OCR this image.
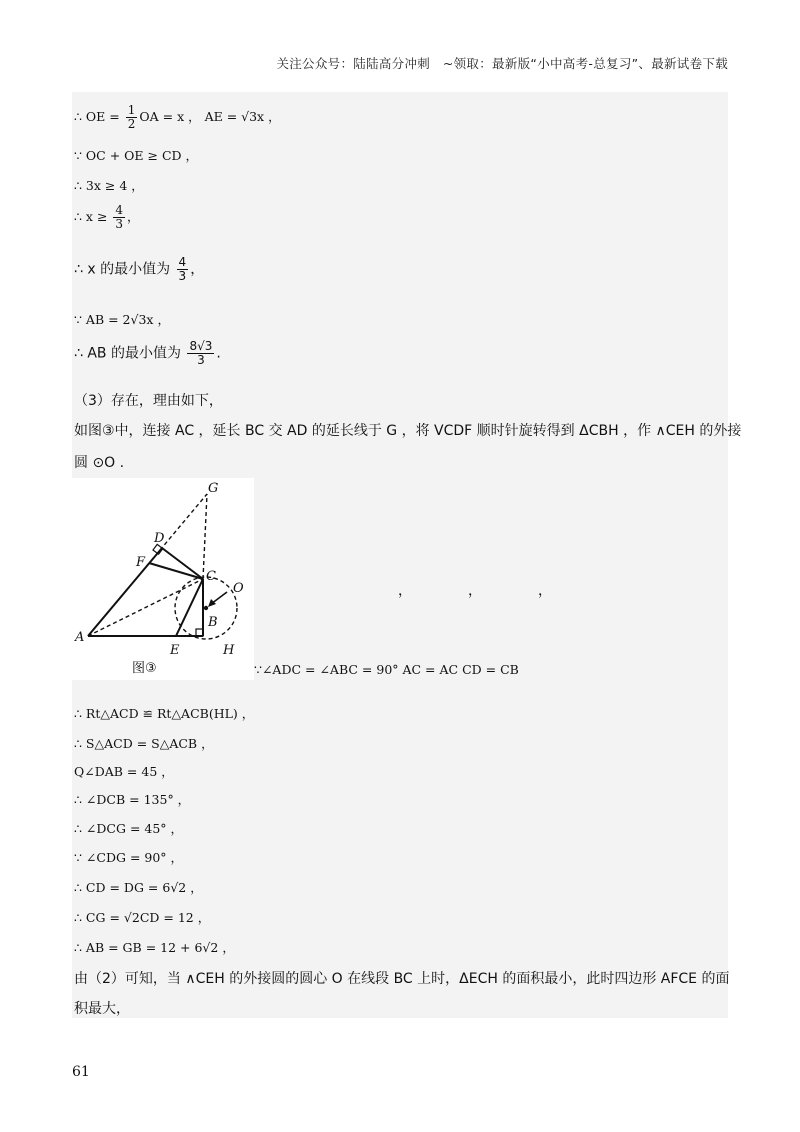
关注公众号：陆陆高分冲刺　~领取：最新版“小中高考-总复习”、最新试卷下载
∴ OE = $\frac{1}{2}$ OA = x ， AE = √3x ，
∵ OC + OE ≥ CD ，
∴ 3x ≥ 4 ，
∴ $x \ge \frac{4}{3}$ ，
∴ x 的最小值为 $\frac{4}{3}$ ，
∵ AB = 2√3x ，
∴ AB 的最小值为 $\frac{8√3}{3}$ .
（3）存在，理由如下，
如图③中，连接 AC ，延长 BC 交 AD 的延长线于 G ，将 VCDF 顺时针旋转得到 ΔCBH ，作 ∧CEH 的外接
圆 ⊙O .
G
D
F
C
O
A
E
B
H
图③
，	，	，
∵∠ADC = ∠ABC = 90° AC = AC CD = CB
∴ Rt△ACD ≌ Rt△ACB(HL) ，
∴ S△ACD = S△ACB ，
Q∠DAB = 45 ，
∴ ∠DCB = 135° ，
∴ ∠DCG = 45° ，
∵ ∠CDG = 90° ，
∴ CD = DG = 6√2 ，
∴ CG = √2CD = 12 ，
∴ AB = GB = 12 + 6√2 ，
由（2）可知，当 ∧CEH 的外接圆的圆心 O 在线段 BC 上时，ΔECH 的面积最小，此时四边形 AFCE 的面
积最大，
61
